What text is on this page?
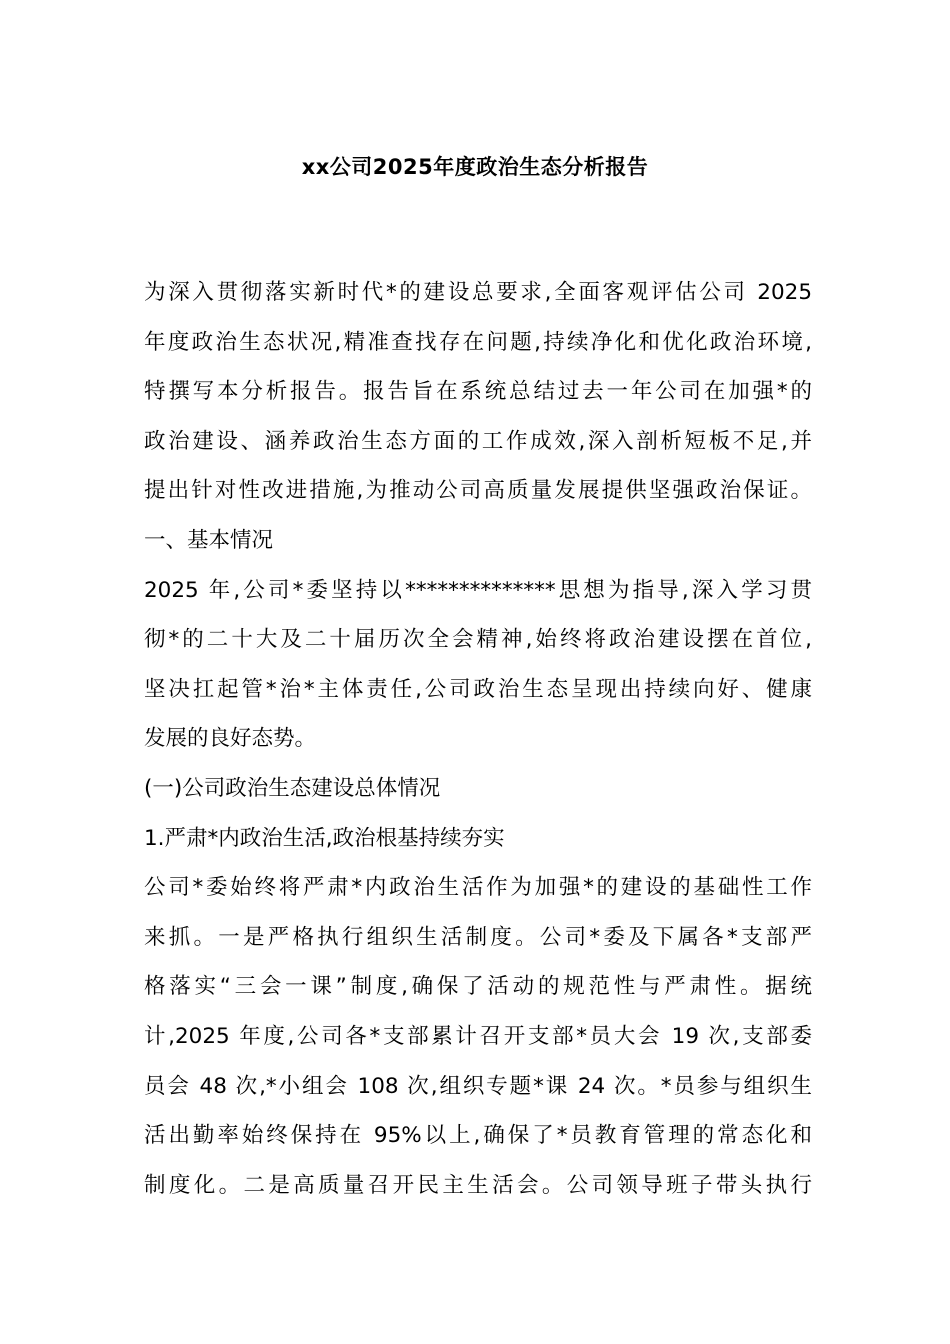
xx公司2025年度政治生态分析报告
为深入贯彻落实新时代*的建设总要求,全面客观评估公司 2025
年度政治生态状况,精准查找存在问题,持续净化和优化政治环境,
特撰写本分析报告。报告旨在系统总结过去一年公司在加强*的
政治建设、涵养政治生态方面的工作成效,深入剖析短板不足,并
提出针对性改进措施,为推动公司高质量发展提供坚强政治保证。
一、基本情况
2025 年,公司*委坚持以**************思想为指导,深入学习贯
彻*的二十大及二十届历次全会精神,始终将政治建设摆在首位,
坚决扛起管*治*主体责任,公司政治生态呈现出持续向好、健康
发展的良好态势。
(一)公司政治生态建设总体情况
1.严肃*内政治生活,政治根基持续夯实
公司*委始终将严肃*内政治生活作为加强*的建设的基础性工作
来抓。一是严格执行组织生活制度。公司*委及下属各*支部严
格落实“三会一课”制度,确保了活动的规范性与严肃性。据统
计,2025 年度,公司各*支部累计召开支部*员大会 19 次,支部委
员会 48 次,*小组会 108 次,组织专题*课 24 次。*员参与组织生
活出勤率始终保持在 95%以上,确保了*员教育管理的常态化和
制度化。二是高质量召开民主生活会。公司领导班子带头执行
